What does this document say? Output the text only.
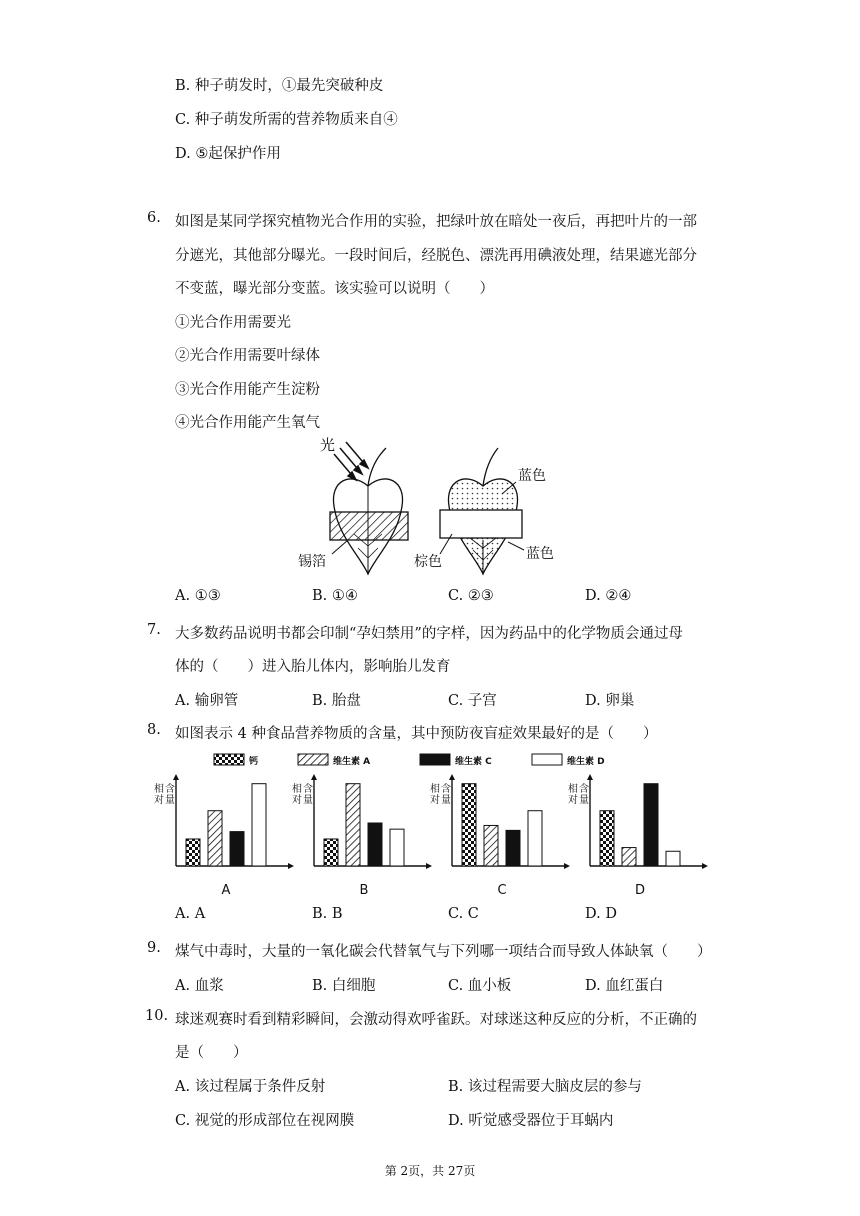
B. 种子萌发时，①最先突破种皮
C. 种子萌发所需的营养物质来自④
D. ⑤起保护作用
6. 如图是某同学探究植物光合作用的实验，把绿叶放在暗处一夜后，再把叶片的一部
分遮光，其他部分曝光。一段时间后，经脱色、漂洗再用碘液处理，结果遮光部分
不变蓝，曝光部分变蓝。该实验可以说明（　　）
①光合作用需要光
②光合作用需要叶绿体
③光合作用能产生淀粉
④光合作用能产生氧气
光
锡箔
蓝色
棕色	蓝色
A. ①③	B. ①④	C. ②③	D. ②④
7. 大多数药品说明书都会印制“孕妇禁用”的字样，因为药品中的化学物质会通过母
体的（　　）进入胎儿体内，影响胎儿发育
A. 输卵管	B. 胎盘	C. 子宫	D. 卵巢
8. 如图表示 4 种食品营养物质的含量，其中预防夜盲症效果最好的是（　　）
钙	维生素 A	维生素 C	维生素 D
相
对
含
量
A
相
对
含
量
B
相
对
含
量
C
相
对
含
量
D
A. A	B. B	C. C	D. D
9. 煤气中毒时，大量的一氧化碳会代替氧气与下列哪一项结合而导致人体缺氧（　　）
A. 血浆	B. 白细胞	C. 血小板	D. 血红蛋白
10. 球迷观赛时看到精彩瞬间，会激动得欢呼雀跃。对球迷这种反应的分析，不正确的
是（　　）
A. 该过程属于条件反射	B. 该过程需要大脑皮层的参与
C. 视觉的形成部位在视网膜	D. 听觉感受器位于耳蜗内
第 2页，共 27页
